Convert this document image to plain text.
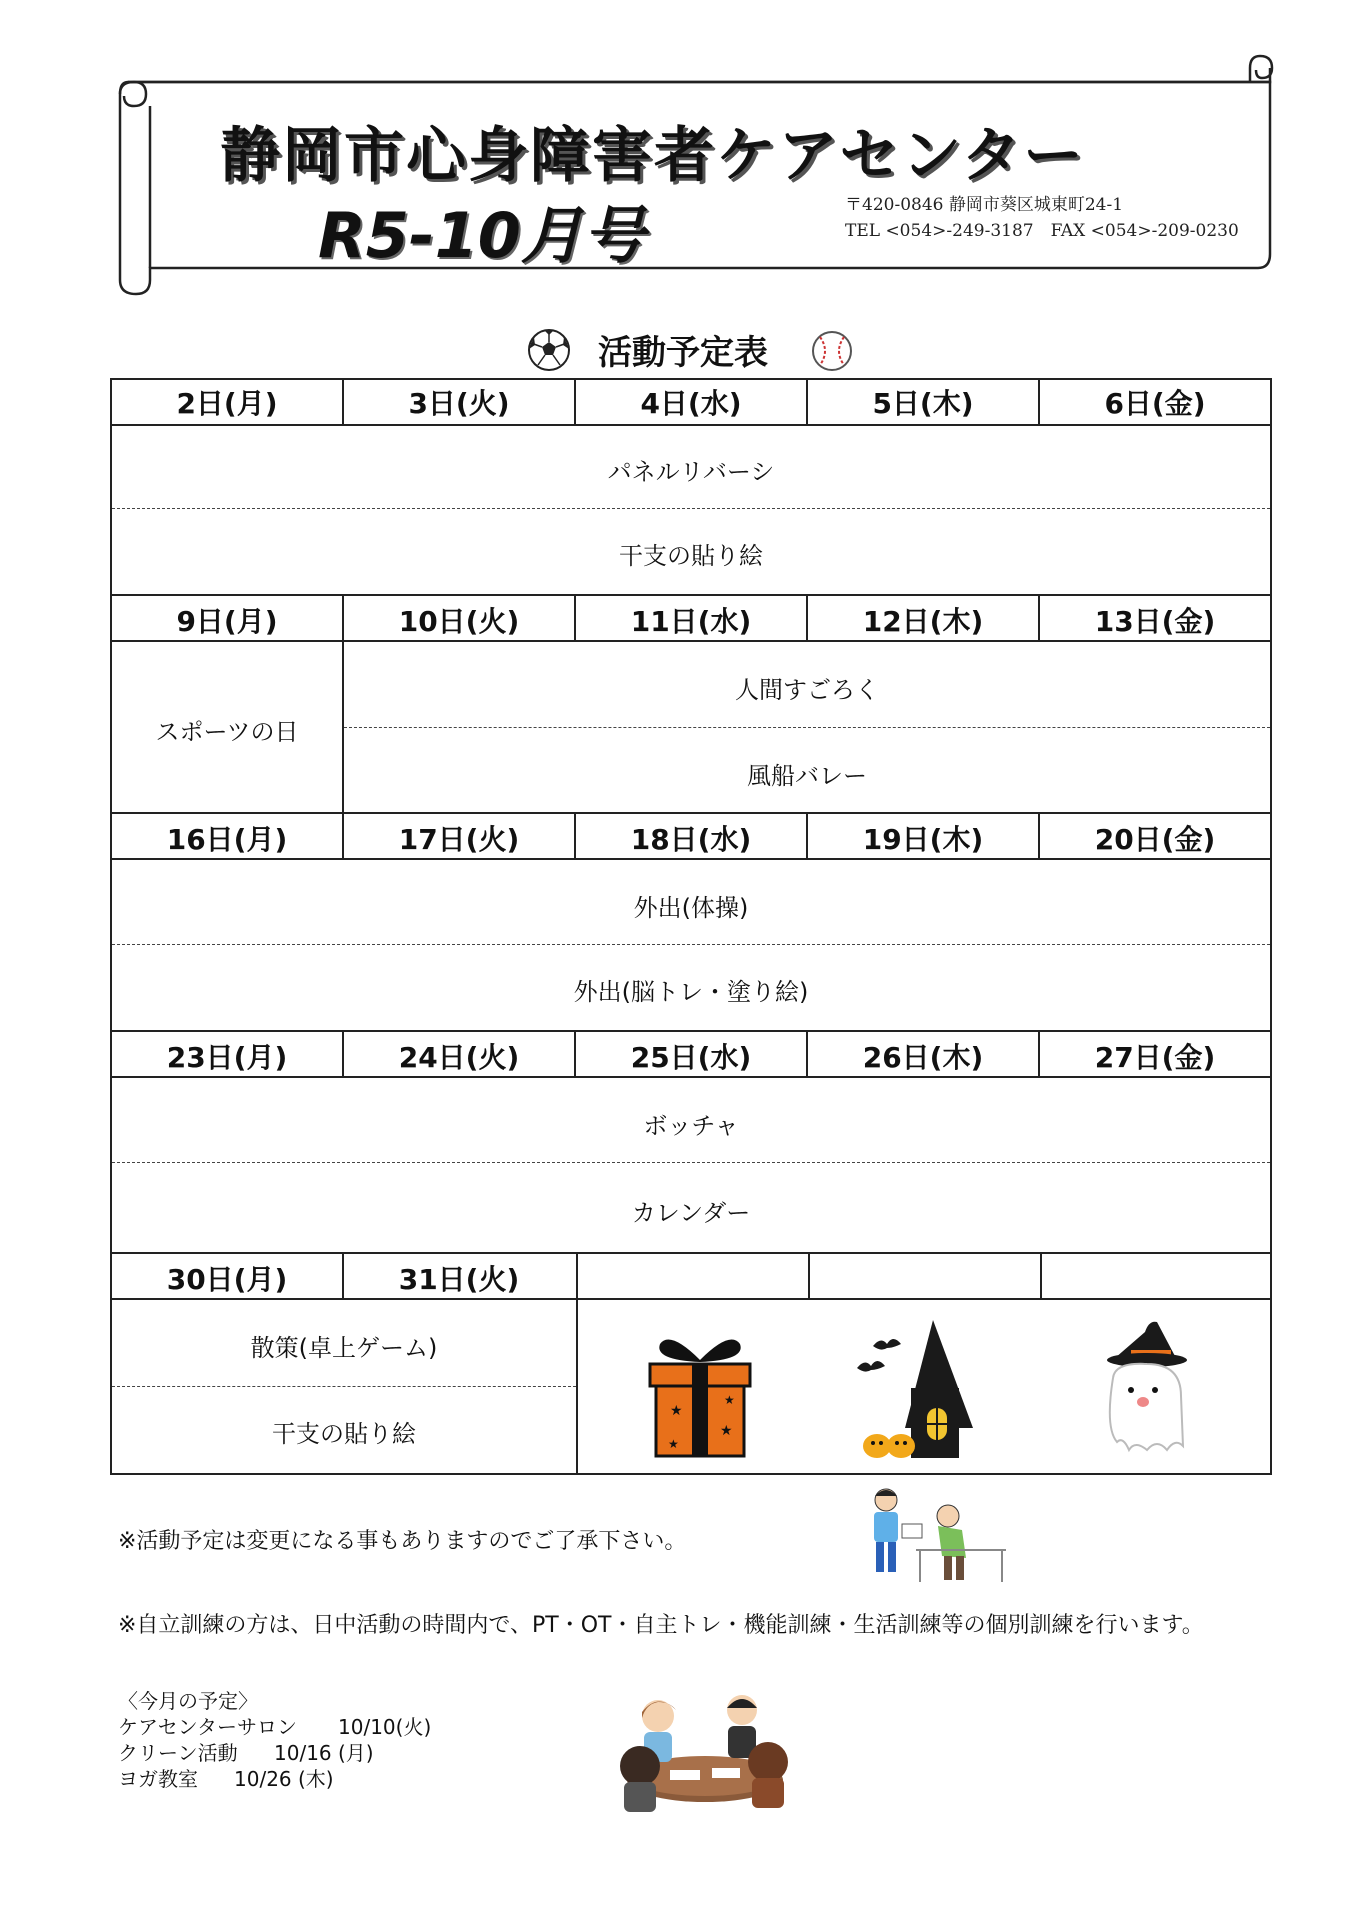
静岡市心身障害者ケアセンター
R5-10月号	〒420-0846 静岡市葵区城東町24-1
TEL <054>-249-3187　FAX <054>-209-0230
活動予定表
2日(月)	3日(火)	4日(水)	5日(木)	6日(金)
パネルリバーシ
干支の貼り絵
9日(月)	10日(火)	11日(水)	12日(木)	13日(金)
スポーツの日
人間すごろく
風船バレー
16日(月)	17日(火)	18日(水)	19日(木)	20日(金)
外出(体操)
外出(脳トレ・塗り絵)
23日(月)	24日(火)	25日(水)	26日(木)	27日(金)
ボッチャ
カレンダー
30日(月)	31日(火)
散策(卓上ゲーム)
干支の貼り絵
★
★
★
★
※活動予定は変更になる事もありますのでご了承下さい。
※自立訓練の方は、日中活動の時間内で、PT・OT・自主トレ・機能訓練・生活訓練等の個別訓練を行います。
〈今月の予定〉
ケアセンターサロン 10/10(火)
クリーン活動 10/16 (月)
ヨガ教室 10/26 (木)
